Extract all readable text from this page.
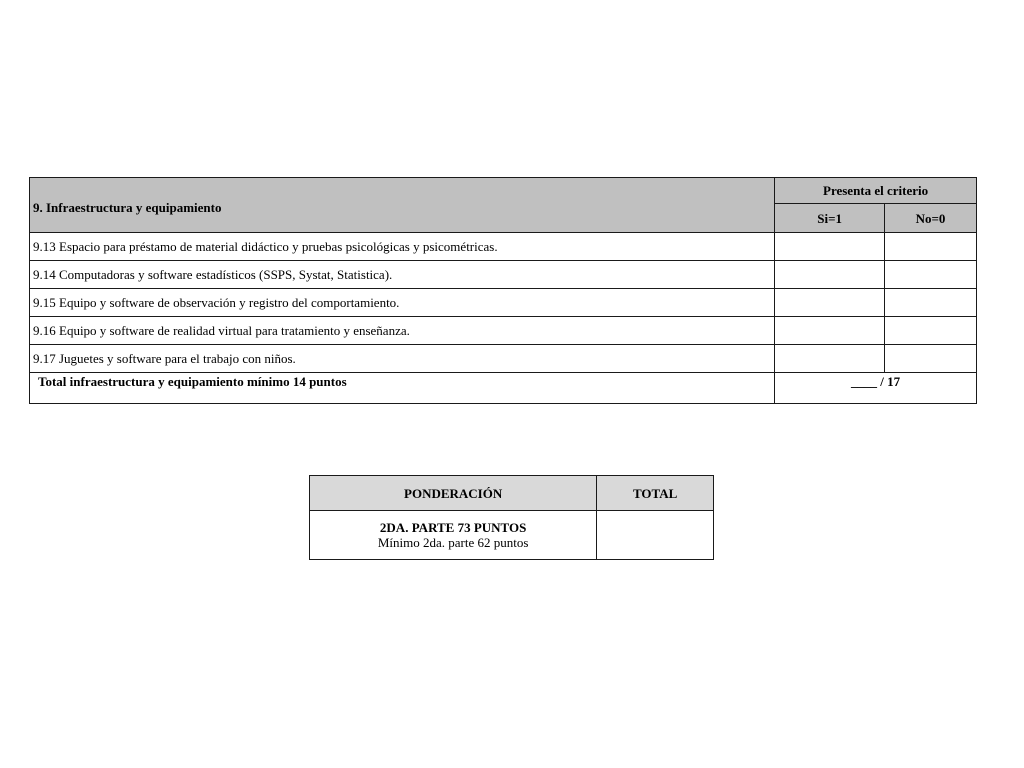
9. Infraestructura y equipamiento	Presenta el criterio	
	Si=1	No=0
9.13 Espacio para préstamo de material didáctico y pruebas psicológicas y psicométricas.		
9.14 Computadoras y software estadísticos (SSPS, Systat, Statistica).		
9.15 Equipo y software de observación y registro del comportamiento.		
9.16 Equipo y software de realidad virtual para tratamiento y enseñanza.		
9.17 Juguetes y software para el trabajo con niños.		
Total infraestructura y equipamiento mínimo 14 puntos	____ / 17	
PONDERACIÓN	TOTAL

2DA. PARTE 73 PUNTOS
Mínimo 2da. parte 62 puntos	
